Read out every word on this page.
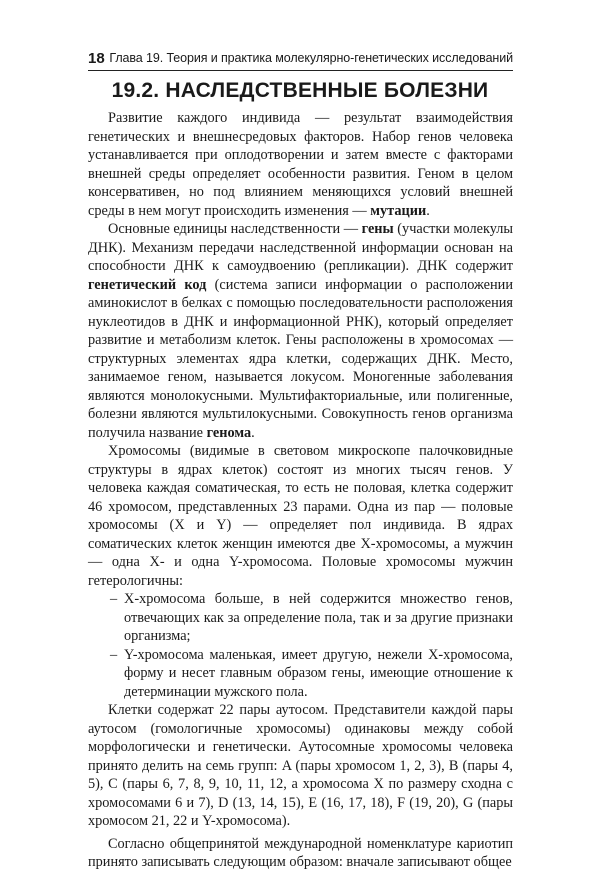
18 Глава 19. Теория и практика молекулярно-генетических исследований
19.2. НАСЛЕДСТВЕННЫЕ БОЛЕЗНИ

Развитие каждого индивида — результат взаимодействия генетических и внешнесредовых факторов. Набор генов человека устанавливается при оплодотворении и затем вместе с факторами внешней среды определяет особенности развития. Геном в целом консервативен, но под влиянием меняющихся условий внешней среды в нем могут происходить изменения — мутации.

Основные единицы наследственности — гены (участки молекулы ДНК). Механизм передачи наследственной информации основан на способности ДНК к самоудвоению (репликации). ДНК содержит генетический код (система записи информации о расположении аминокислот в белках с помощью последовательности расположения нуклеотидов в ДНК и информационной РНК), который определяет развитие и метаболизм клеток. Гены расположены в хромосомах — структурных элементах ядра клетки, содержащих ДНК. Место, занимаемое геном, называется локусом. Моногенные заболевания являются монолокусными. Мультифакториальные, или полигенные, болезни являются мультилокусными. Совокупность генов организма получила название генома.

Хромосомы (видимые в световом микроскопе палочковидные структуры в ядрах клеток) состоят из многих тысяч генов. У человека каждая соматическая, то есть не половая, клетка содержит 46 хромосом, представленных 23 парами. Одна из пар — половые хромосомы (X и Y) — определяет пол индивида. В ядрах соматических клеток женщин имеются две X-хромосомы, а мужчин — одна X- и одна Y-хромосома. Половые хромосомы мужчин гетерологичны:

– X-хромосома больше, в ней содержится множество генов, отвечающих как за определение пола, так и за другие признаки организма;
– Y-хромосома маленькая, имеет другую, нежели X-хромосома, форму и несет главным образом гены, имеющие отношение к детерминации мужского пола.

Клетки содержат 22 пары аутосом. Представители каждой пары аутосом (гомологичные хромосомы) одинаковы между собой морфологически и генетически. Аутосомные хромосомы человека принято делить на семь групп: A (пары хромосом 1, 2, 3), B (пары 4, 5), C (пары 6, 7, 8, 9, 10, 11, 12, а хромосома X по размеру сходна с хромосомами 6 и 7), D (13, 14, 15), E (16, 17, 18), F (19, 20), G (пары хромосом 21, 22 и Y-хромосома).

Согласно общепринятой международной номенклатуре кариотип принято записывать следующим образом: вначале записывают общее
